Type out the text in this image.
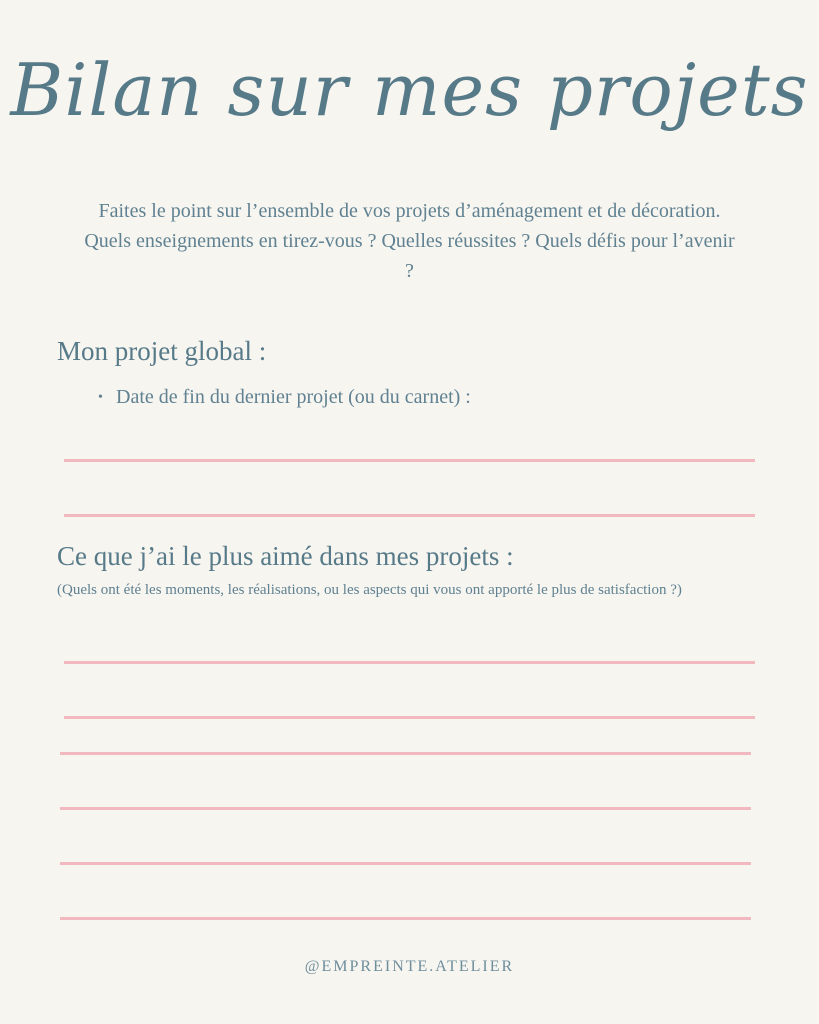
Bilan sur mes projets
Faites le point sur l’ensemble de vos projets d’aménagement et de décoration. Quels enseignements en tirez-vous ? Quelles réussites ? Quels défis pour l’avenir ?
Mon projet global :
• Date de fin du dernier projet (ou du carnet) :
Ce que j’ai le plus aimé dans mes projets :
(Quels ont été les moments, les réalisations, ou les aspects qui vous ont apporté le plus de satisfaction ?)
@EMPREINTE.ATELIER
